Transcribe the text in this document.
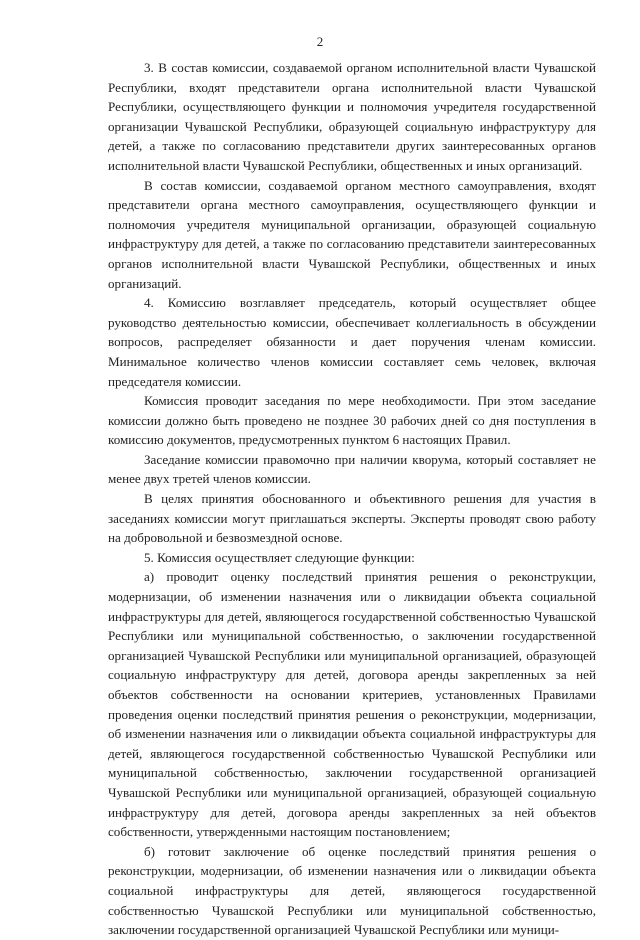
2

3. В состав комиссии, создаваемой органом исполнительной власти Чувашской Республики, входят представители органа исполнительной власти Чувашской Республики, осуществляющего функции и полномочия учредителя государственной организации Чувашской Республики, образующей социальную инфраструктуру для детей, а также по согласованию представители других заинтересованных органов исполнительной власти Чувашской Республики, общественных и иных организаций.

В состав комиссии, создаваемой органом местного самоуправления, входят представители органа местного самоуправления, осуществляющего функции и полномочия учредителя муниципальной организации, образующей социальную инфраструктуру для детей, а также по согласованию представители заинтересованных органов исполнительной власти Чувашской Республики, общественных и иных организаций.

4. Комиссию возглавляет председатель, который осуществляет общее руководство деятельностью комиссии, обеспечивает коллегиальность в обсуждении вопросов, распределяет обязанности и дает поручения членам комиссии. Минимальное количество членов комиссии составляет семь человек, включая председателя комиссии.

Комиссия проводит заседания по мере необходимости. При этом заседание комиссии должно быть проведено не позднее 30 рабочих дней со дня поступления в комиссию документов, предусмотренных пунктом 6 настоящих Правил.

Заседание комиссии правомочно при наличии кворума, который составляет не менее двух третей членов комиссии.

В целях принятия обоснованного и объективного решения для участия в заседаниях комиссии могут приглашаться эксперты. Эксперты проводят свою работу на добровольной и безвозмездной основе.

5. Комиссия осуществляет следующие функции:

а) проводит оценку последствий принятия решения о реконструкции, модернизации, об изменении назначения или о ликвидации объекта социальной инфраструктуры для детей, являющегося государственной собственностью Чувашской Республики или муниципальной собственностью, о заключении государственной организацией Чувашской Республики или муниципальной организацией, образующей социальную инфраструктуру для детей, договора аренды закрепленных за ней объектов собственности на основании критериев, установленных Правилами проведения оценки последствий принятия решения о реконструкции, модернизации, об изменении назначения или о ликвидации объекта социальной инфраструктуры для детей, являющегося государственной собственностью Чувашской Республики или муниципальной собственностью, заключении государственной организацией Чувашской Республики или муниципальной организацией, образующей социальную инфраструктуру для детей, договора аренды закрепленных за ней объектов собственности, утвержденными настоящим постановлением;

б) готовит заключение об оценке последствий принятия решения о реконструкции, модернизации, об изменении назначения или о ликвидации объекта социальной инфраструктуры для детей, являющегося государственной собственностью Чувашской Республики или муниципальной собственностью, заключении государственной организацией Чувашской Республики или муници-
